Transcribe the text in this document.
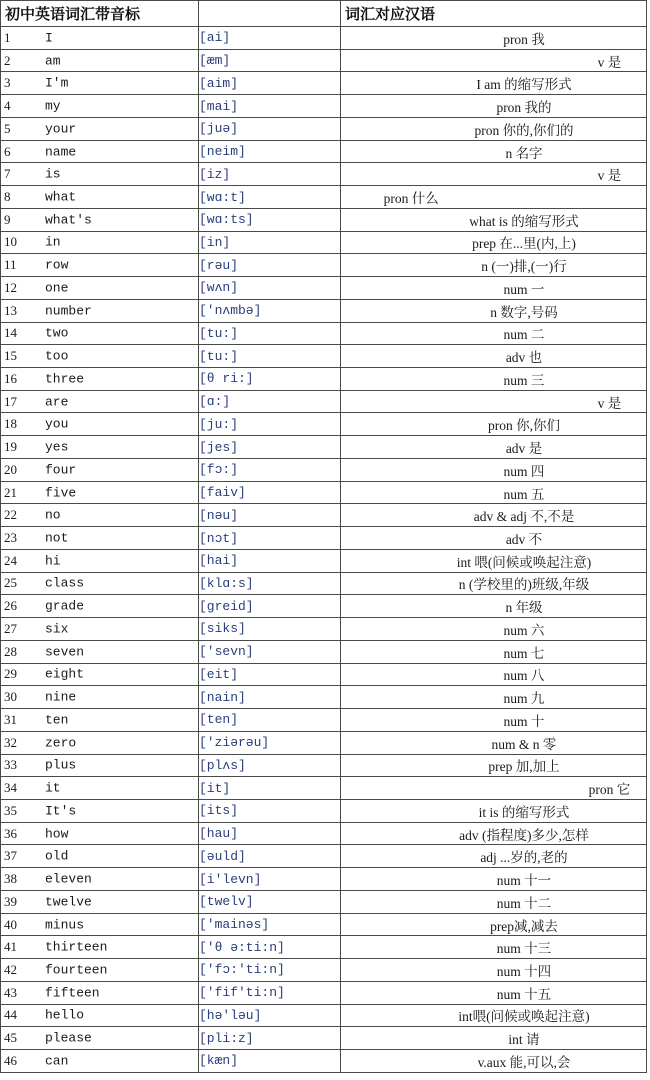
初中英语词汇带音标		词汇对应汉语

1 I	[ai]	pron 我

2 am	[æm]	v 是

3 I'm	[aim]	I am 的缩写形式

4 my	[mai]	pron 我的

5 your	[juə]	pron 你的,你们的

6 name	[neim]	n 名字

7 is	[iz]	v 是

8 what	[wɑ:t]	pron 什么

9 what's	[wɑ:ts]	what is 的缩写形式

10 in	[in]	prep 在...里(内,上)

11 row	[rəu]	n (一)排,(一)行

12 one	[wʌn]	num 一

13 number	['nʌmbə]	n 数字,号码

14 two	[tu:]	num 二

15 too	[tu:]	adv 也

16 three	[θ ri:]	num 三

17 are	[ɑ:]	v 是

18 you	[ju:]	pron 你,你们

19 yes	[jes]	adv 是

20 four	[fɔ:]	num 四

21 five	[faiv]	num 五

22 no	[nəu]	adv & adj 不,不是

23 not	[nɔt]	adv 不

24 hi	[hai]	int 喂(问候或唤起注意)

25 class	[klɑ:s]	n (学校里的)班级,年级

26 grade	[greid]	n 年级

27 six	[siks]	num 六

28 seven	['sevn]	num 七

29 eight	[eit]	num 八

30 nine	[nain]	num 九

31 ten	[ten]	num 十

32 zero	['ziərəu]	num & n 零

33 plus	[plʌs]	prep 加,加上

34 it	[it]	pron 它

35 It's	[its]	it is 的缩写形式

36 how	[hau]	adv (指程度)多少,怎样

37 old	[əuld]	adj ...岁的,老的

38 eleven	[i'levn]	num 十一

39 twelve	[twelv]	num 十二

40 minus	['mainəs]	prep减,减去

41 thirteen	['θ ə:ti:n]	num 十三

42 fourteen	['fɔ:'ti:n]	num 十四

43 fifteen	['fif'ti:n]	num 十五

44 hello	[hə'ləu]	int喂(问候或唤起注意)

45 please	[pli:z]	int 请

46 can	[kæn]	v.aux 能,可以,会
